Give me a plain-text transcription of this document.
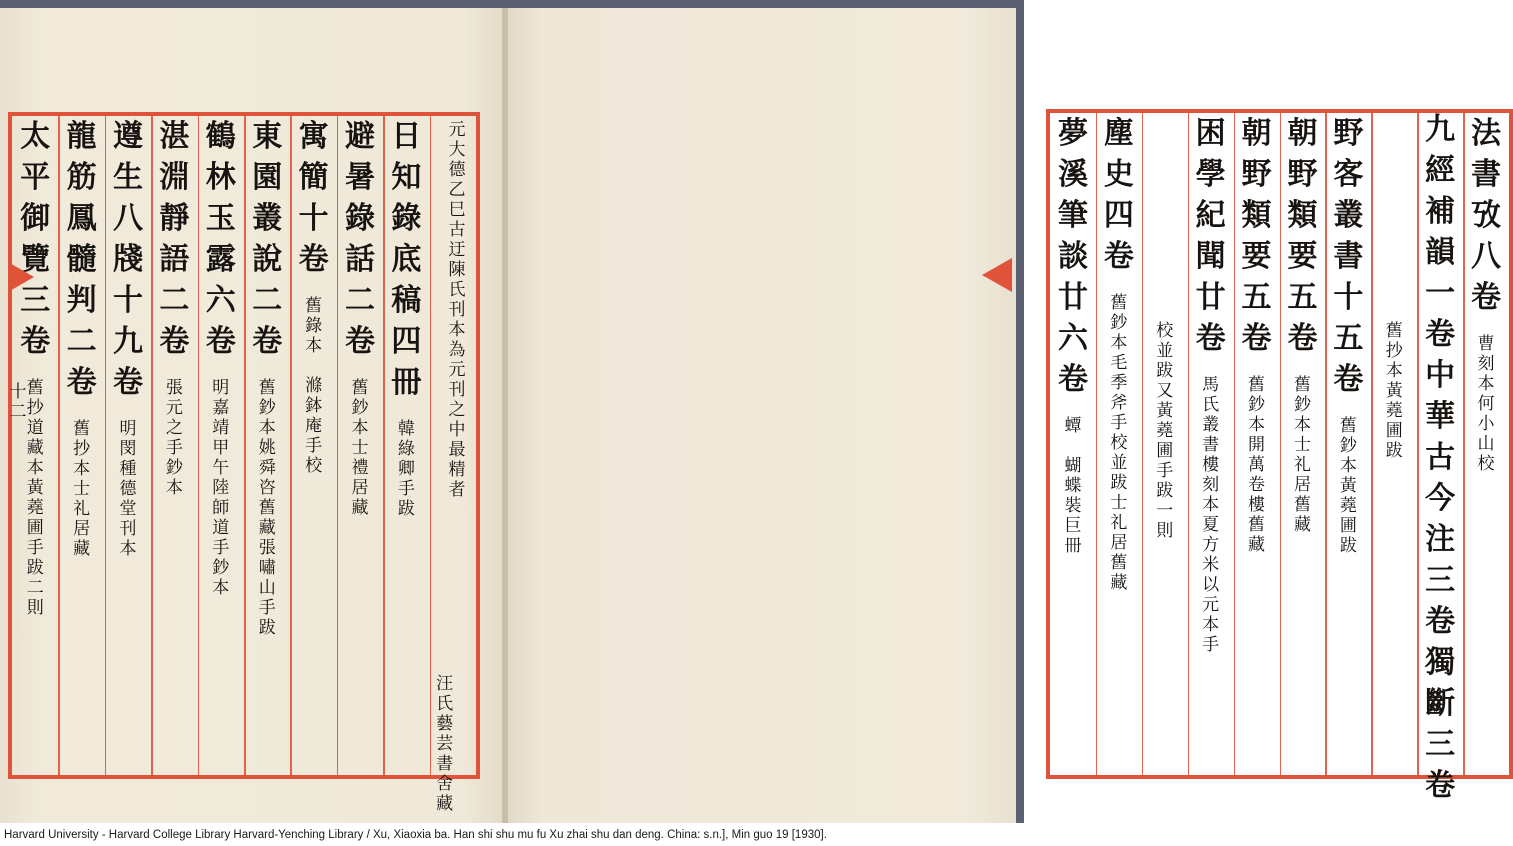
元
大
德
乙
巳
古
迂
陳
氏
刊
本
為
元
刊
之
中
最
精
者
汪
氏
藝
芸
書
舍
藏
日
知
錄
底
稿
四
冊
韓
綠
卿
手
跋
避
暑
錄
話
二
卷
舊
鈔
本
士
禮
居
藏
寓
簡
十
卷
舊
錄
本
滌
鉢
庵
手
校
東
園
叢
說
二
卷
舊
鈔
本
姚
舜
咨
舊
藏
張
嘯
山
手
跋
鶴
林
玉
露
六
卷
明
嘉
靖
甲
午
陸
師
道
手
鈔
本
湛
淵
靜
語
二
卷
張
元
之
手
鈔
本
遵
生
八
牋
十
九
卷
明
閔
種
德
堂
刊
本
龍
筋
鳳
髓
判
二
卷
舊
抄
本
士
礼
居
藏
太
平
御
覽
三
卷
舊
抄
道
藏
本
黃
蕘
圃
手
跋
二
則
十
二
法
書
攷
八
卷
曹
刻
本
何
小
山
校
九
經
補
韻
一
卷
中
華
古
今
注
三
卷
獨
斷
三
卷
舊
抄
本
黃
蕘
圃
跋
野
客
叢
書
十
五
卷
舊
鈔
本
黃
蕘
圃
跋
朝
野
類
要
五
卷
舊
鈔
本
士
礼
居
舊
藏
朝
野
類
要
五
卷
舊
鈔
本
開
萬
卷
樓
舊
藏
困
學
紀
聞
廿
卷
馬
氏
叢
書
樓
刻
本
夏
方
米
以
元
本
手
校
並
跋
又
黃
蕘
圃
手
跋
一
則
塵
史
四
卷
舊
鈔
本
毛
季
斧
手
校
並
跋
士
礼
居
舊
藏
夢
溪
筆
談
廿
六
卷
蟫
蝴
蝶
裝
巨
冊
Harvard University - Harvard College Library Harvard-Yenching Library / Xu, Xiaoxia ba. Han shi shu mu fu Xu zhai shu dan deng. China: s.n.], Min guo 19 [1930].
